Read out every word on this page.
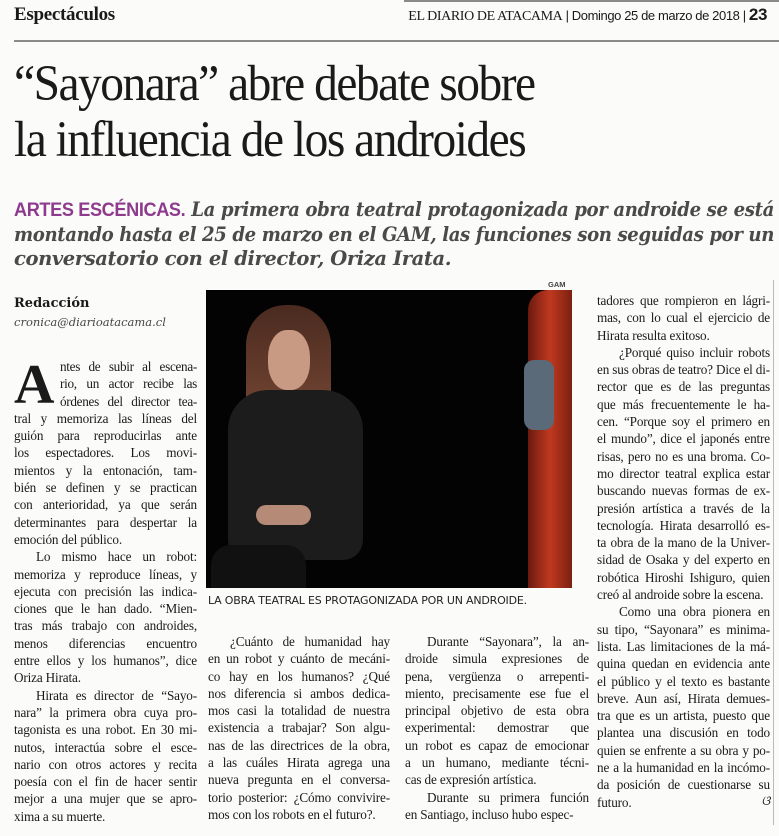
Espectáculos	EL DIARIO DE ATACAMA | Domingo 25 de marzo de 2018 | 23
“Sayonara” abre debate sobre
la influencia de los androides
ARTES ESCÉNICAS. La primera obra teatral protagonizada por androide se está
montando hasta el 25 de marzo en el GAM, las funciones son seguidas por un
conversatorio con el director, Oriza Irata.
Redacción
cronica@diarioatacama.cl
GAM
LA OBRA TEATRAL ES PROTAGONIZADA POR UN ANDROIDE.
A ntes de subir al escena-
rio, un actor recibe las
órdenes del director tea-
tral y memoriza las líneas del
guión para reproducirlas ante
los espectadores. Los movi-
mientos y la entonación, tam-
bién se definen y se practican
con anterioridad, ya que serán
determinantes para despertar la
emoción del público.
Lo mismo hace un robot:
memoriza y reproduce líneas, y
ejecuta con precisión las indica-
ciones que le han dado. “Mien-
tras más trabajo con androides,
menos diferencias encuentro
entre ellos y los humanos”, dice
Oriza Hirata.
Hirata es director de “Sayo-
nara” la primera obra cuya pro-
tagonista es una robot. En 30 mi-
nutos, interactúa sobre el esce-
nario con otros actores y recita
poesía con el fin de hacer sentir
mejor a una mujer que se apro-
xima a su muerte.
¿Cuánto de humanidad hay
en un robot y cuánto de mecáni-
co hay en los humanos? ¿Qué
nos diferencia si ambos dedica-
mos casi la totalidad de nuestra
existencia a trabajar? Son algu-
nas de las directrices de la obra,
a las cuáles Hirata agrega una
nueva pregunta en el conversa-
torio posterior: ¿Cómo convivire-
mos con los robots en el futuro?.
Durante “Sayonara”, la an-
droide simula expresiones de
pena, vergüenza o arrepenti-
miento, precisamente ese fue el
principal objetivo de esta obra
experimental: demostrar que
un robot es capaz de emocionar
a un humano, mediante técni-
cas de expresión artística.
Durante su primera función
en Santiago, incluso hubo espec-
tadores que rompieron en lágri-
mas, con lo cual el ejercicio de
Hirata resulta exitoso.
¿Porqué quiso incluir robots
en sus obras de teatro? Dice el di-
rector que es de las preguntas
que más frecuentemente le ha-
cen. “Porque soy el primero en
el mundo”, dice el japonés entre
risas, pero no es una broma. Co-
mo director teatral explica estar
buscando nuevas formas de ex-
presión artística a través de la
tecnología. Hirata desarrolló es-
ta obra de la mano de la Univer-
sidad de Osaka y del experto en
robótica Hiroshi Ishiguro, quien
creó al androide sobre la escena.
Como una obra pionera en
su tipo, “Sayonara” es minima-
lista. Las limitaciones de la má-
quina quedan en evidencia ante
el público y el texto es bastante
breve. Aun así, Hirata demues-
tra que es un artista, puesto que
plantea una discusión en todo
quien se enfrente a su obra y po-
ne a la humanidad en la incómo-
da posición de cuestionarse su
futuro.	ଓ
